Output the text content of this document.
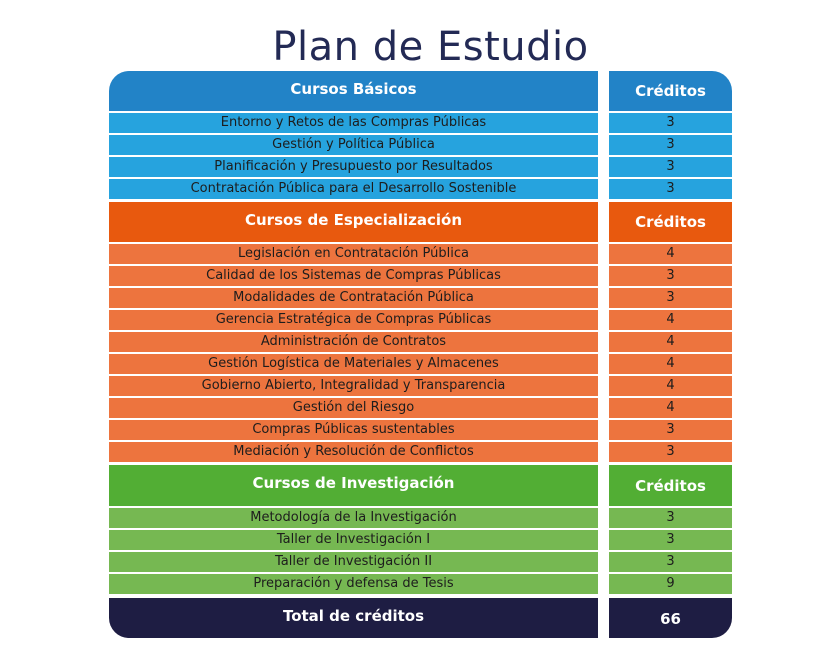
Plan de Estudio
Cursos Básicos	Créditos
Entorno y Retos de las Compras Públicas	3
Gestión y Política Pública	3
Planificación y Presupuesto por Resultados	3
Contratación Pública para el Desarrollo Sostenible	3
Cursos de Especialización	Créditos
Legislación en Contratación Pública	4
Calidad de los Sistemas de Compras Públicas	3
Modalidades de Contratación Pública	3
Gerencia Estratégica de Compras Públicas	4
Administración de Contratos	4
Gestión Logística de Materiales y Almacenes	4
Gobierno Abierto, Integralidad y Transparencia	4
Gestión del Riesgo	4
Compras Públicas sustentables	3
Mediación y Resolución de Conflictos	3
Cursos de Investigación	Créditos
Metodología de la Investigación	3
Taller de Investigación I	3
Taller de Investigación II	3
Preparación y defensa de Tesis	9
Total de créditos	66
